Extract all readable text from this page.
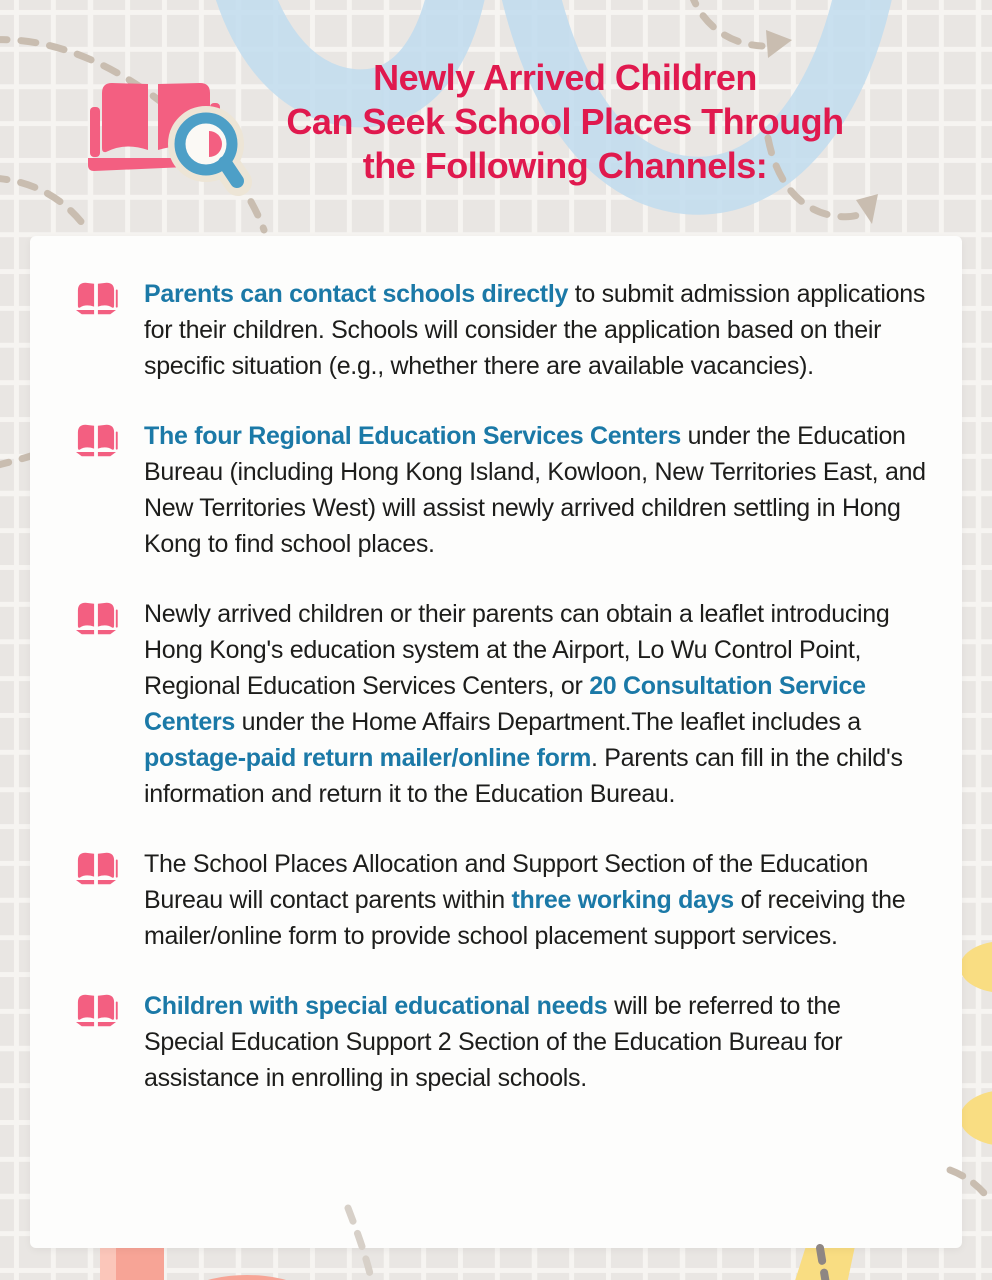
Newly Arrived Children
Can Seek School Places Through
the Following Channels:

Parents can contact schools directly to submit admission applications for their children. Schools will consider the application based on their specific situation (e.g., whether there are available vacancies).

The four Regional Education Services Centers under the Education Bureau (including Hong Kong Island, Kowloon, New Territories East, and New Territories West) will assist newly arrived children settling in Hong Kong to find school places.

Newly arrived children or their parents can obtain a leaflet introducing Hong Kong's education system at the Airport, Lo Wu Control Point, Regional Education Services Centers, or 20 Consultation Service Centers under the Home Affairs Department.The leaflet includes a postage-paid return mailer/online form. Parents can fill in the child's information and return it to the Education Bureau.

The School Places Allocation and Support Section of the Education Bureau will contact parents within three working days of receiving the mailer/online form to provide school placement support services.

Children with special educational needs will be referred to the Special Education Support 2 Section of the Education Bureau for assistance in enrolling in special schools.
